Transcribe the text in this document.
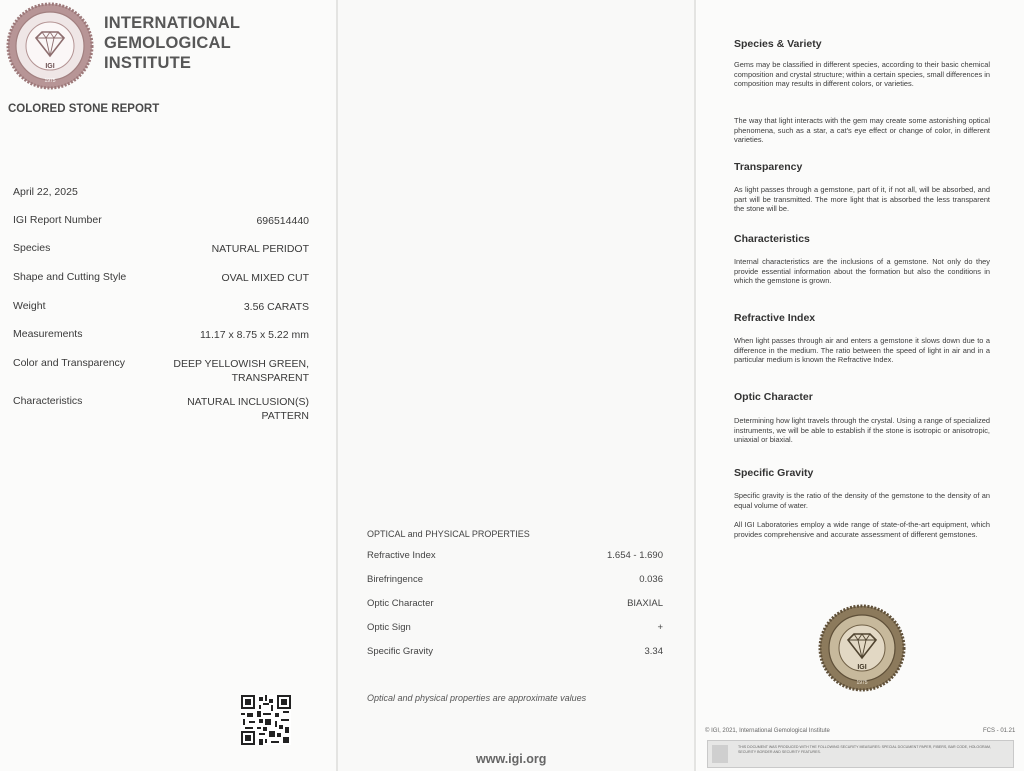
IGI
1975
INTERNATIONAL
GEMOLOGICAL
INSTITUTE
COLORED STONE REPORT
April 22, 2025
IGI Report Number	696514440
Species	NATURAL PERIDOT
Shape and Cutting Style	OVAL MIXED CUT
Weight	3.56 CARATS
Measurements	11.17 x 8.75 x 5.22 mm
Color and Transparency	DEEP YELLOWISH GREEN,
TRANSPARENT
Characteristics	NATURAL INCLUSION(S)
PATTERN
OPTICAL and PHYSICAL PROPERTIES
Refractive Index	1.654 - 1.690
Birefringence	0.036
Optic Character	BIAXIAL
Optic Sign	+
Specific Gravity	3.34
Optical and physical properties are approximate values
www.igi.org
Species & Variety
Gems may be classified in different species, according to their basic chemical composition and crystal structure; within a certain species, small differences in composition may results in different colors, or varieties.
The way that light interacts with the gem may create some astonishing optical phenomena, such as a star, a cat's eye effect or change of color, in different varieties.
Transparency
As light passes through a gemstone, part of it, if not all, will be absorbed, and part will be transmitted. The more light that is absorbed the less transparent the stone will be.
Characteristics
Internal characteristics are the inclusions of a gemstone. Not only do they provide essential information about the formation but also the conditions in which the gemstone is grown.
Refractive Index
When light passes through air and enters a gemstone it slows down due to a difference in the medium. The ratio between the speed of light in air and in a particular medium is known the Refractive Index.
Optic Character
Determining how light travels through the crystal. Using a range of specialized instruments, we will be able to establish if the stone is isotropic or anisotropic, uniaxial or biaxial.
Specific Gravity
Specific gravity is the ratio of the density of the gemstone to the density of an equal volume of water.
All IGI Laboratories employ a wide range of state-of-the-art equipment, which provides comprehensive and accurate assessment of different gemstones.
IGI
1975
© IGI, 2021, International Gemological Institute	FCS - 01.21
THIS DOCUMENT WAS PRODUCED WITH THE FOLLOWING SECURITY MEASURES: SPECIAL DOCUMENT PAPER, FIBERS, BAR CODE, HOLOGRAM, SECURITY BORDER AND SECURITY FEATURES.
